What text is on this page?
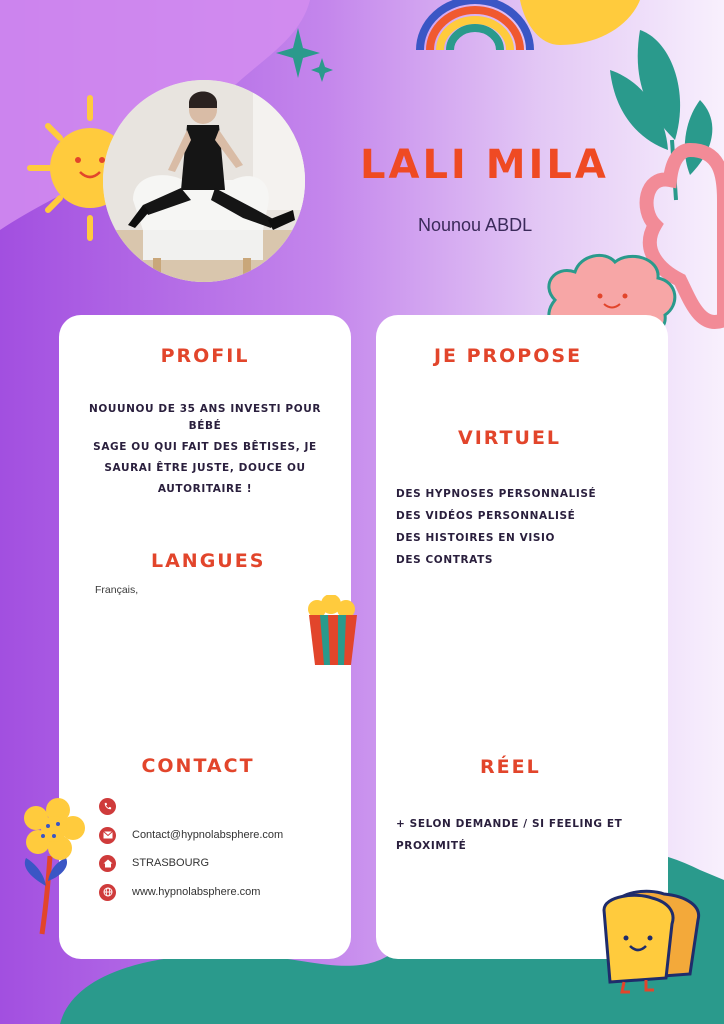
LALI MILA
Nounou ABDL
PROFIL
NOUUNOU DE 35 ANS INVESTI POUR
BÉBÉ
SAGE OU QUI FAIT DES BÊTISES, JE
SAURAI ÊTRE JUSTE, DOUCE OU
AUTORITAIRE !
LANGUES
Français,
CONTACT
Contact@hypnolabsphere.com
STRASBOURG
www.hypnolabsphere.com
JE PROPOSE
VIRTUEL
DES HYPNOSES PERSONNALISÉ
DES VIDÉOS PERSONNALISÉ
DES HISTOIRES EN VISIO
DES CONTRATS
RÉEL
+ SELON DEMANDE / SI FEELING ET
PROXIMITÉ
